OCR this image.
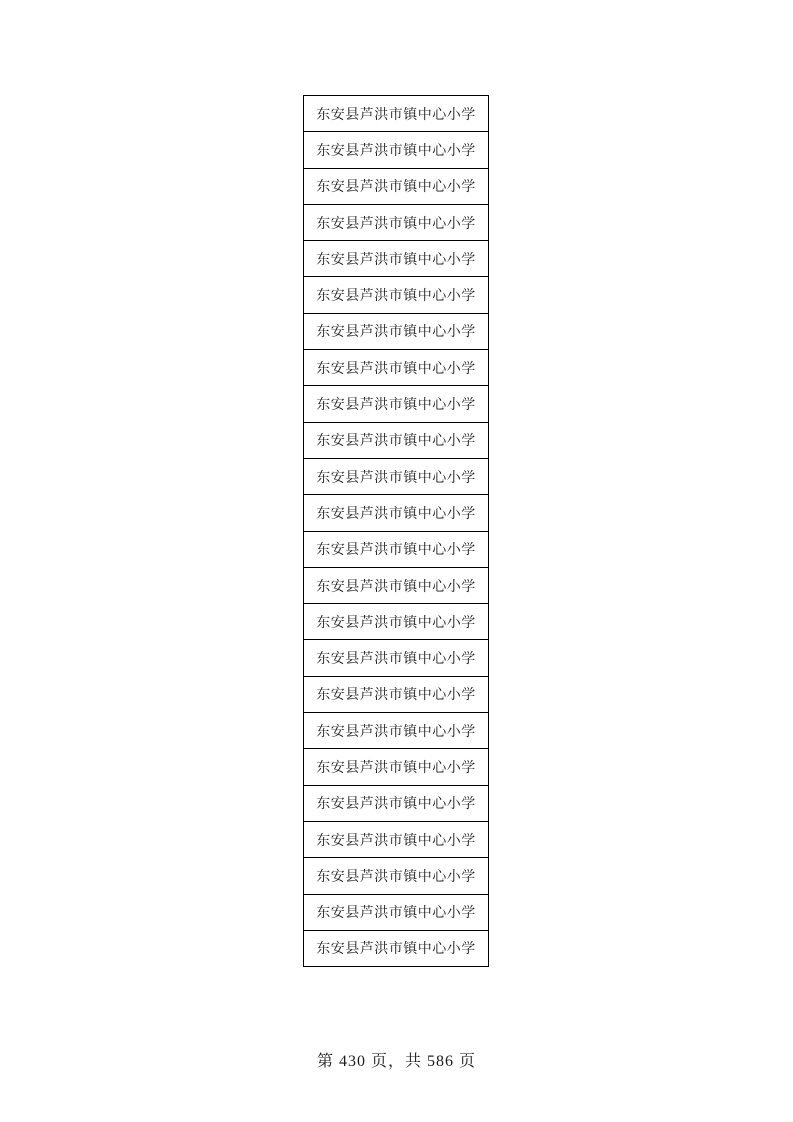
东安县芦洪市镇中心小学
东安县芦洪市镇中心小学
东安县芦洪市镇中心小学
东安县芦洪市镇中心小学
东安县芦洪市镇中心小学
东安县芦洪市镇中心小学
东安县芦洪市镇中心小学
东安县芦洪市镇中心小学
东安县芦洪市镇中心小学
东安县芦洪市镇中心小学
东安县芦洪市镇中心小学
东安县芦洪市镇中心小学
东安县芦洪市镇中心小学
东安县芦洪市镇中心小学
东安县芦洪市镇中心小学
东安县芦洪市镇中心小学
东安县芦洪市镇中心小学
东安县芦洪市镇中心小学
东安县芦洪市镇中心小学
东安县芦洪市镇中心小学
东安县芦洪市镇中心小学
东安县芦洪市镇中心小学
东安县芦洪市镇中心小学
东安县芦洪市镇中心小学
第 430 页，共 586 页
